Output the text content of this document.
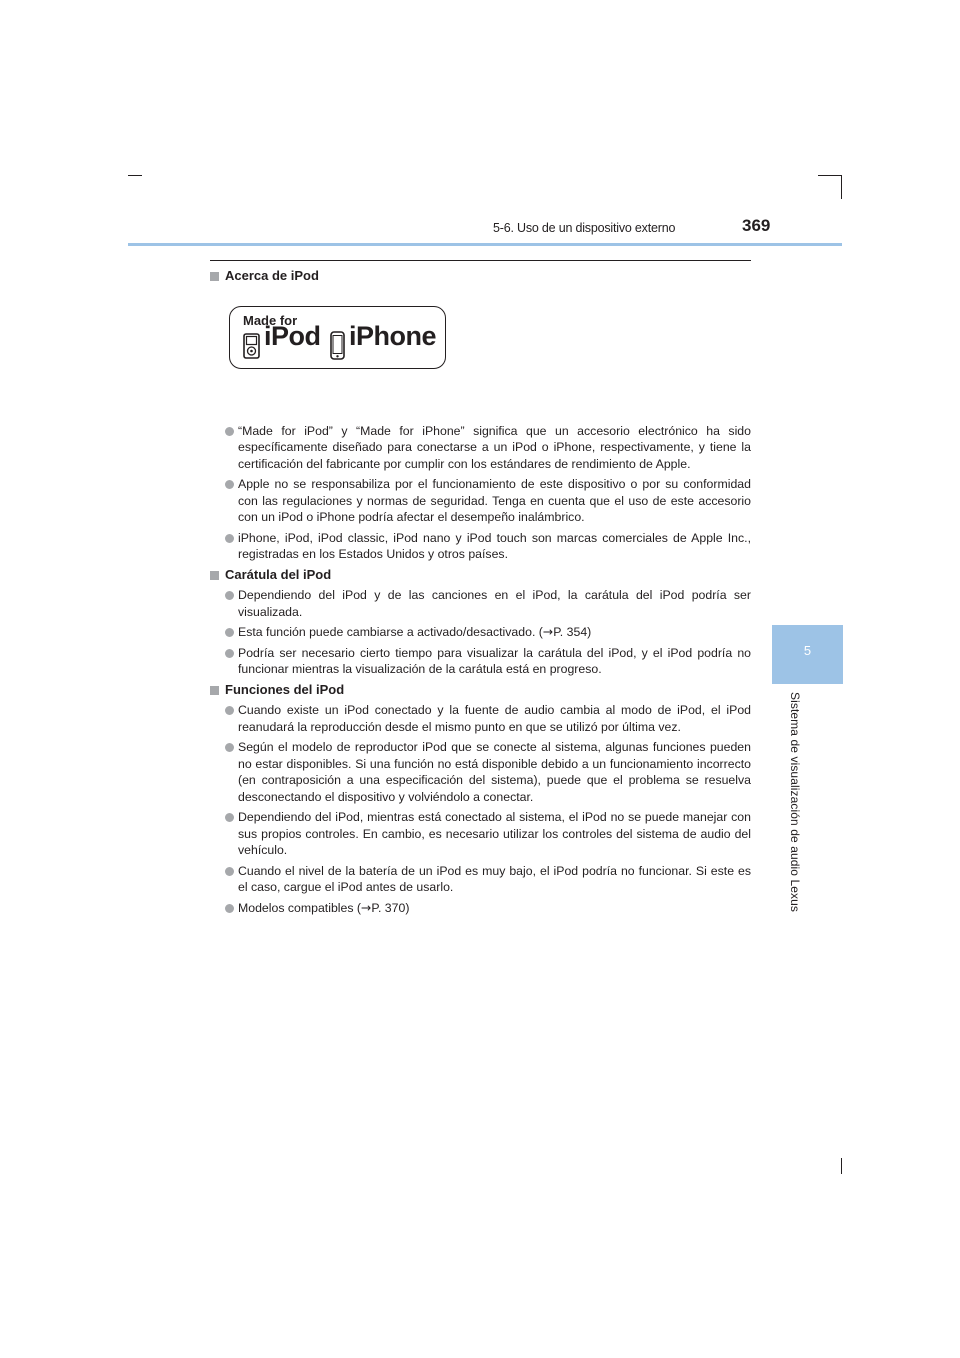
5-6. Uso de un dispositivo externo	369
5
Sistema de visualización de audio Lexus
Acerca de iPod
Made for
iPod iPhone
“Made for iPod” y “Made for iPhone” significa que un accesorio electrónico ha sido específicamente diseñado para conectarse a un iPod o iPhone, respectivamente, y tiene la certificación del fabricante por cumplir con los estándares de rendimiento de Apple.
Apple no se responsabiliza por el funcionamiento de este dispositivo o por su conformidad con las regulaciones y normas de seguridad. Tenga en cuenta que el uso de este accesorio con un iPod o iPhone podría afectar el desempeño inalámbrico.
iPhone, iPod, iPod classic, iPod nano y iPod touch son marcas comerciales de Apple Inc., registradas en los Estados Unidos y otros países.
Carátula del iPod
Dependiendo del iPod y de las canciones en el iPod, la carátula del iPod podría ser visualizada.
Esta función puede cambiarse a activado/desactivado. (→P. 354)
Podría ser necesario cierto tiempo para visualizar la carátula del iPod, y el iPod podría no funcionar mientras la visualización de la carátula está en progreso.
Funciones del iPod
Cuando existe un iPod conectado y la fuente de audio cambia al modo de iPod, el iPod reanudará la reproducción desde el mismo punto en que se utilizó por última vez.
Según el modelo de reproductor iPod que se conecte al sistema, algunas funciones pueden no estar disponibles. Si una función no está disponible debido a un funcionamiento incorrecto (en contraposición a una especificación del sistema), puede que el problema se resuelva desconectando el dispositivo y volviéndolo a conectar.
Dependiendo del iPod, mientras está conectado al sistema, el iPod no se puede manejar con sus propios controles. En cambio, es necesario utilizar los controles del sistema de audio del vehículo.
Cuando el nivel de la batería de un iPod es muy bajo, el iPod podría no funcionar. Si este es el caso, cargue el iPod antes de usarlo.
Modelos compatibles (→P. 370)
